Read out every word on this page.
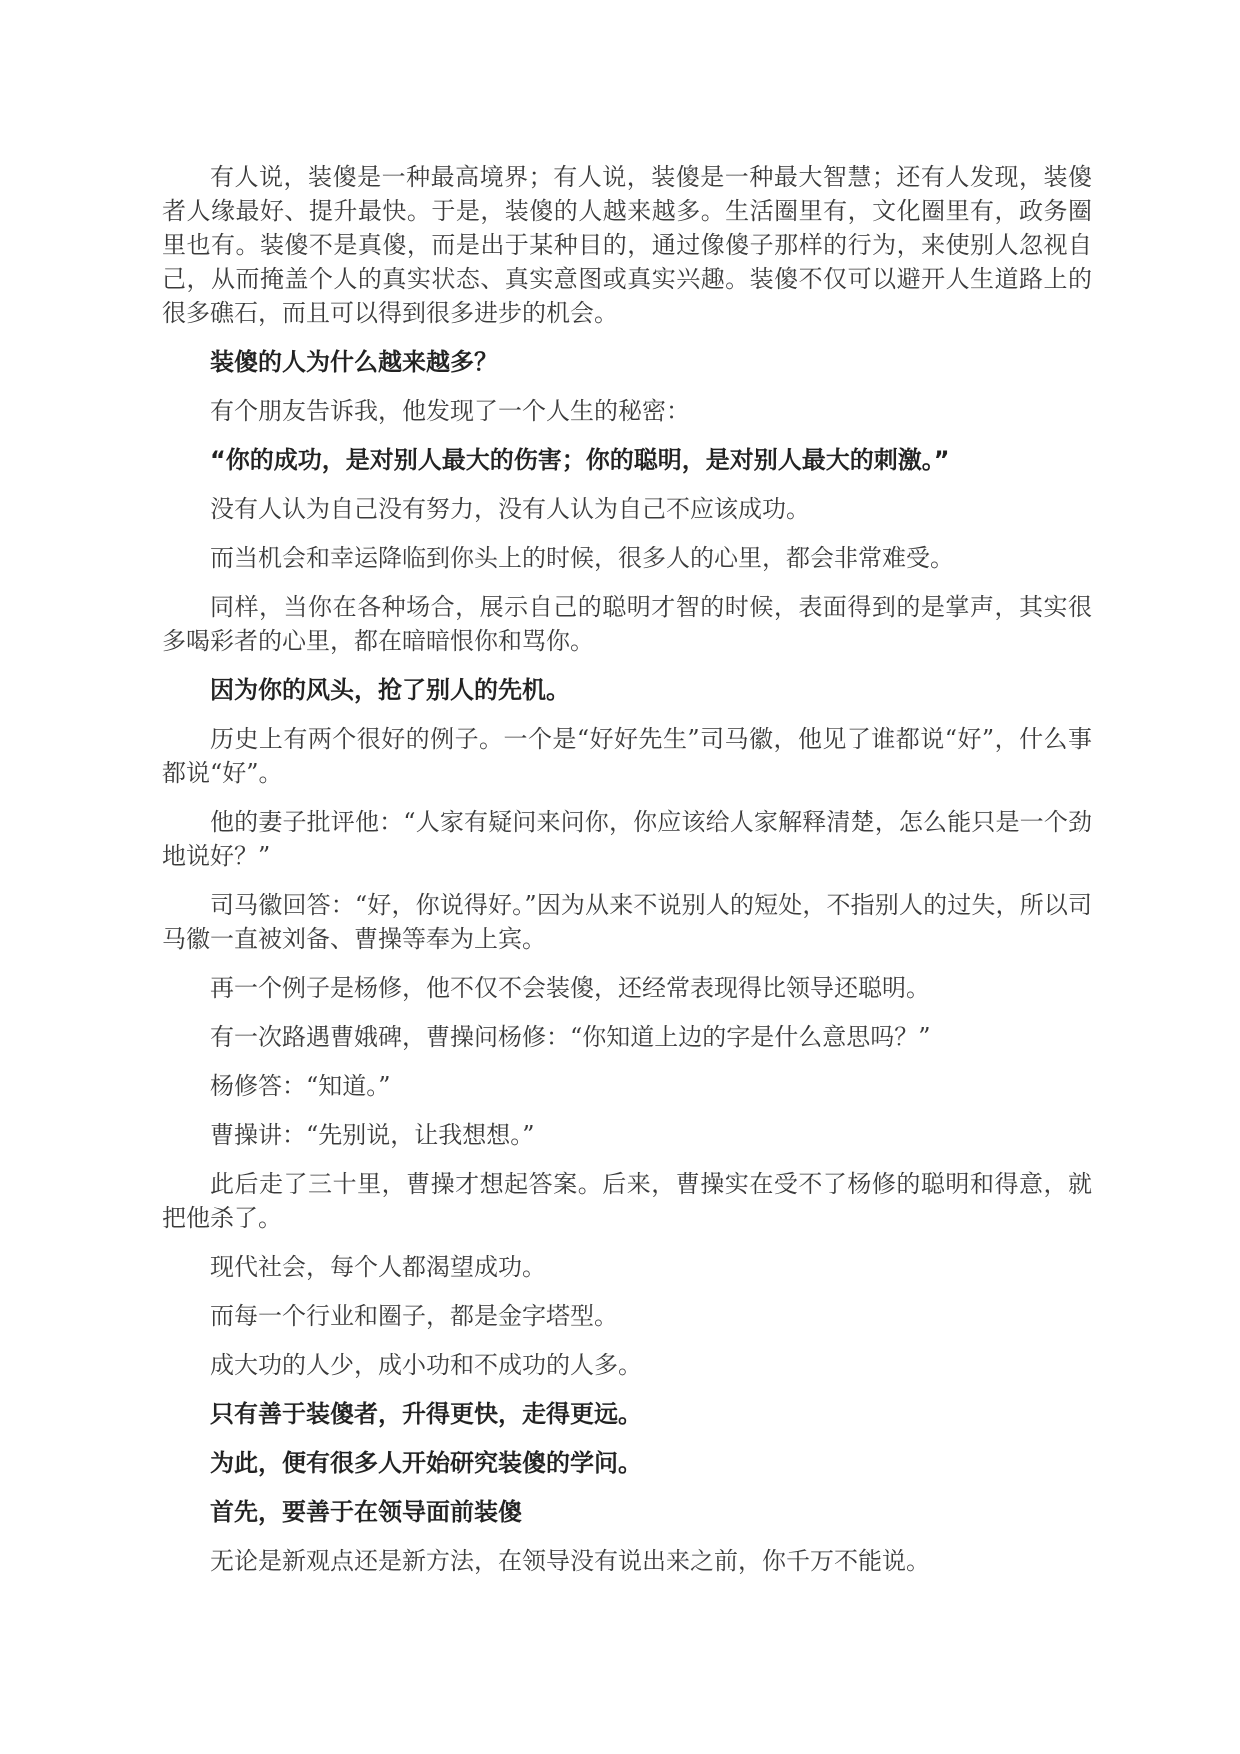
有人说，装傻是一种最高境界；有人说，装傻是一种最大智慧；还有人发现，装傻者人缘最好、提升最快。于是，装傻的人越来越多。生活圈里有，文化圈里有，政务圈里也有。装傻不是真傻，而是出于某种目的，通过像傻子那样的行为，来使别人忽视自己，从而掩盖个人的真实状态、真实意图或真实兴趣。装傻不仅可以避开人生道路上的很多礁石，而且可以得到很多进步的机会。

装傻的人为什么越来越多？

有个朋友告诉我，他发现了一个人生的秘密：

“你的成功，是对别人最大的伤害；你的聪明，是对别人最大的刺激。”

没有人认为自己没有努力，没有人认为自己不应该成功。

而当机会和幸运降临到你头上的时候，很多人的心里，都会非常难受。

同样，当你在各种场合，展示自己的聪明才智的时候，表面得到的是掌声，其实很多喝彩者的心里，都在暗暗恨你和骂你。

因为你的风头，抢了别人的先机。

历史上有两个很好的例子。一个是“好好先生”司马徽，他见了谁都说“好”，什么事都说“好”。

他的妻子批评他：“人家有疑问来问你，你应该给人家解释清楚，怎么能只是一个劲地说好？”

司马徽回答：“好，你说得好。”因为从来不说别人的短处，不指别人的过失，所以司马徽一直被刘备、曹操等奉为上宾。

再一个例子是杨修，他不仅不会装傻，还经常表现得比领导还聪明。

有一次路遇曹娥碑，曹操问杨修：“你知道上边的字是什么意思吗？”

杨修答：“知道。”

曹操讲：“先别说，让我想想。”

此后走了三十里，曹操才想起答案。后来，曹操实在受不了杨修的聪明和得意，就把他杀了。

现代社会，每个人都渴望成功。

而每一个行业和圈子，都是金字塔型。

成大功的人少，成小功和不成功的人多。

只有善于装傻者，升得更快，走得更远。

为此，便有很多人开始研究装傻的学问。

首先，要善于在领导面前装傻

无论是新观点还是新方法，在领导没有说出来之前，你千万不能说。
